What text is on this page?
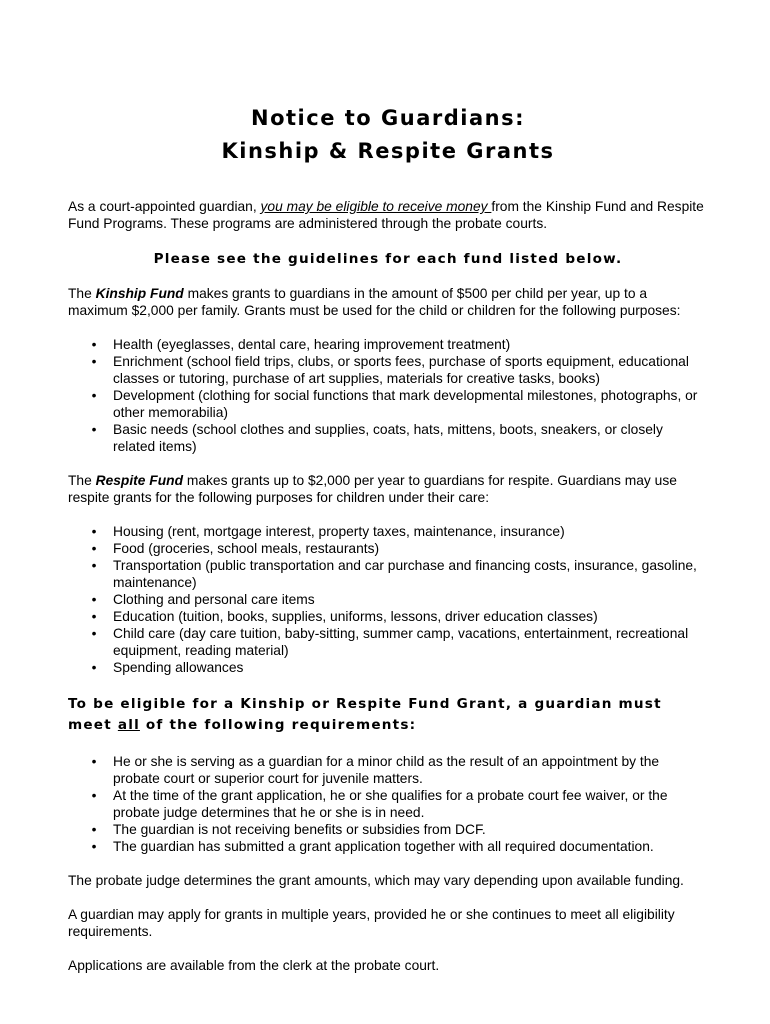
Notice to Guardians:
Kinship & Respite Grants

As a court-appointed guardian, you may be eligible to receive money from the Kinship Fund and Respite Fund Programs. These programs are administered through the probate courts.

Please see the guidelines for each fund listed below.

The Kinship Fund makes grants to guardians in the amount of $500 per child per year, up to a maximum $2,000 per family. Grants must be used for the child or children for the following purposes:

• Health (eyeglasses, dental care, hearing improvement treatment)
• Enrichment (school field trips, clubs, or sports fees, purchase of sports equipment, educational classes or tutoring, purchase of art supplies, materials for creative tasks, books)
• Development (clothing for social functions that mark developmental milestones, photographs, or other memorabilia)
• Basic needs (school clothes and supplies, coats, hats, mittens, boots, sneakers, or closely related items)

The Respite Fund makes grants up to $2,000 per year to guardians for respite. Guardians may use respite grants for the following purposes for children under their care:

• Housing (rent, mortgage interest, property taxes, maintenance, insurance)
• Food (groceries, school meals, restaurants)
• Transportation (public transportation and car purchase and financing costs, insurance, gasoline, maintenance)
• Clothing and personal care items
• Education (tuition, books, supplies, uniforms, lessons, driver education classes)
• Child care (day care tuition, baby-sitting, summer camp, vacations, entertainment, recreational equipment, reading material)
• Spending allowances
To be eligible for a Kinship or Respite Fund Grant, a guardian must meet all of the following requirements:
• He or she is serving as a guardian for a minor child as the result of an appointment by the probate court or superior court for juvenile matters.
• At the time of the grant application, he or she qualifies for a probate court fee waiver, or the probate judge determines that he or she is in need.
• The guardian is not receiving benefits or subsidies from DCF.
• The guardian has submitted a grant application together with all required documentation.

The probate judge determines the grant amounts, which may vary depending upon available funding.

A guardian may apply for grants in multiple years, provided he or she continues to meet all eligibility requirements.

Applications are available from the clerk at the probate court.
